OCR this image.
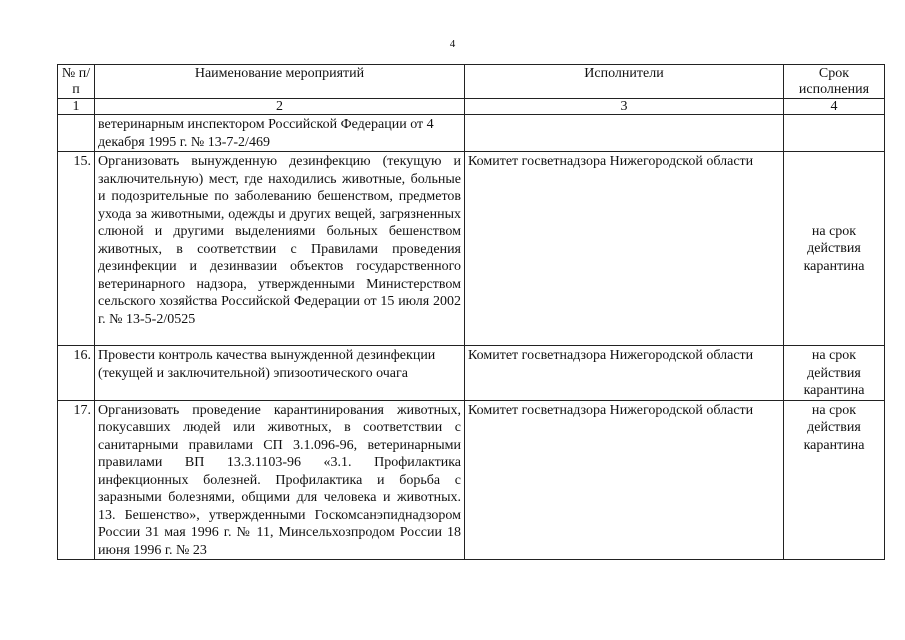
4
№ п/п	Наименование мероприятий	Исполнители	Срок исполнения
1	2	3	4
	ветеринарным инспектором Российской Федерации от 4 декабря 1995 г. № 13-7-2/469		
15.	Организовать вынужденную дезинфекцию (текущую и заключительную) мест, где находились животные, больные и подозрительные по заболеванию бешенством, предметов ухода за животными, одежды и других вещей, загрязненных слюной и другими выделениями больных бешенством животных, в соответствии с Правилами проведения дезинфекции и дезинвазии объектов государственного ветеринарного надзора, утвержденными Министерством сельского хозяйства Российской Федерации от 15 июля 2002 г. № 13-5-2/0525	Комитет госветнадзора Нижегородской области	на срок действия карантина
16.	Провести контроль качества вынужденной дезинфекции (текущей и заключительной) эпизоотического очага	Комитет госветнадзора Нижегородской области	на срок действия карантина
17.	Организовать проведение карантинирования животных, покусавших людей или животных, в соответствии с санитарными правилами СП 3.1.096-96, ветеринарными правилами ВП 13.3.1103-96 «3.1. Профилактика инфекционных болезней. Профилактика и борьба с заразными болезнями, общими для человека и животных. 13. Бешенство», утвержденными Госкомсанэпиднадзором России 31 мая 1996 г. № 11, Минсельхозпродом России 18 июня 1996 г. № 23	Комитет госветнадзора Нижегородской области	на срок действия карантина
